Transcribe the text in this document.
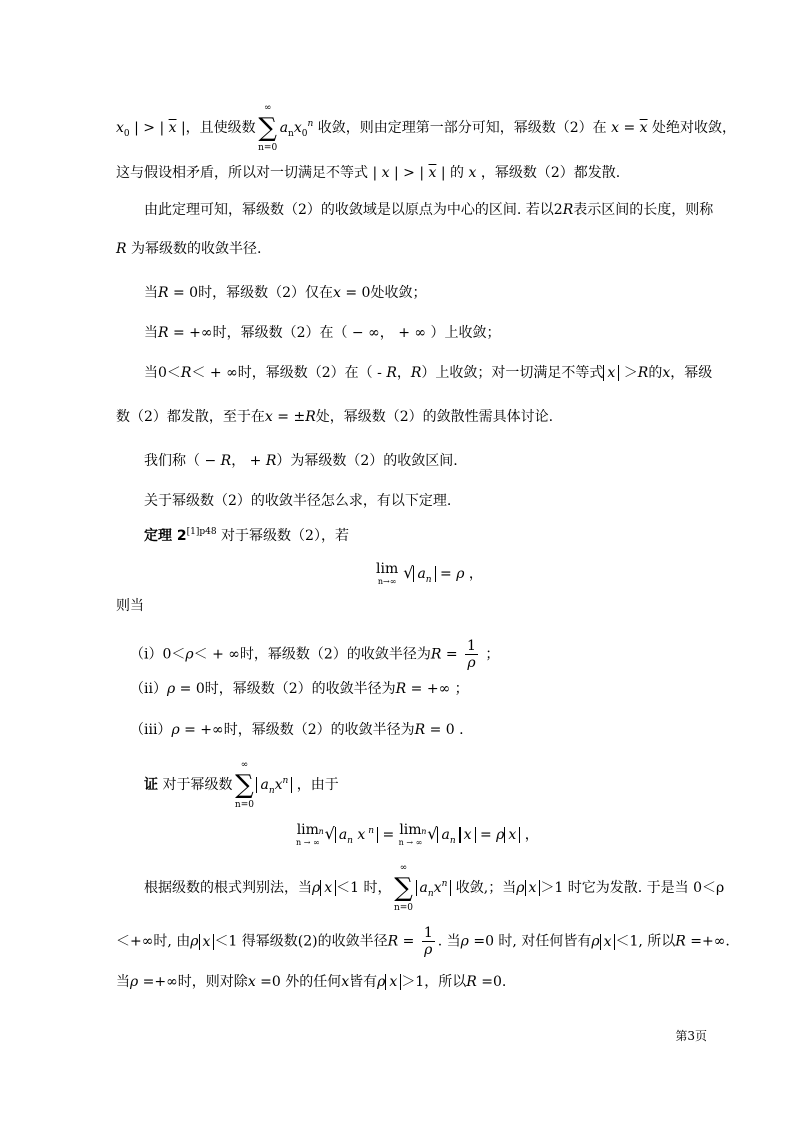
$x_0$ | > | $\overline{x}$ |，且使级数
∞
∑
n=0
$a_nx_0^n$ 收敛，则由定理第一部分可知，幂级数（2）在 $x = \overline{x}$ 处绝对收敛，
这与假设相矛盾，所以对一切满足不等式 | x | > | $\overline{x}$ | 的 x ，幂级数（2）都发散.
由此定理可知，幂级数（2）的收敛域是以原点为中心的区间. 若以2R表示区间的长度，则称
R 为幂级数的收敛半径.
当R = 0时，幂级数（2）仅在x = 0处收敛；
当R = +∞时，幂级数（2）在（ − ∞， + ∞ ）上收敛；
当0＜R＜ + ∞时，幂级数（2）在（ - R，R）上收敛；对一切满足不等式 x ＞R的x，幂级
数（2）都发散，至于在x = ±R处，幂级数（2）的敛散性需具体讨论.
我们称（ − R， + R）为幂级数（2）的收敛区间.
关于幂级数（2）的收敛半径怎么求，有以下定理.
定理 $2^{[1]p48}$ 对于幂级数（2），若
lim
n→∞ √ $a_n = \rho$ ，
则当
（i）0＜ρ＜ + ∞时，幂级数（2）的收敛半径为$R = \frac{1}{\rho}$ ；
（ii）ρ = 0时，幂级数（2）的收敛半径为R = +∞ ；
（iii）ρ = +∞时，幂级数（2）的收敛半径为R = 0 .
证 对于幂级数
∞
∑
n=0
$a_nx^n$ ，由于
lim
n → ∞
n √ $a_n$ x $^n$ = lim
n → ∞
n √ $a_n$ x = ρ x ，
根据级数的根式判别法，当ρ x ＜1 时，
∞
∑
n=0
$a_nx^n$ 收敛,；当ρ x ＞1 时它为发散. 于是当 0＜ρ
＜+∞时, 由ρ x ＜1 得幂级数(2)的收敛半径$R = \frac{1}{\rho}$ . 当ρ =0 时, 对任何皆有ρ x ＜1, 所以R =+∞.
当ρ =+∞时，则对除x =0 外的任何x皆有ρ x ＞1，所以R =0.
第3页
